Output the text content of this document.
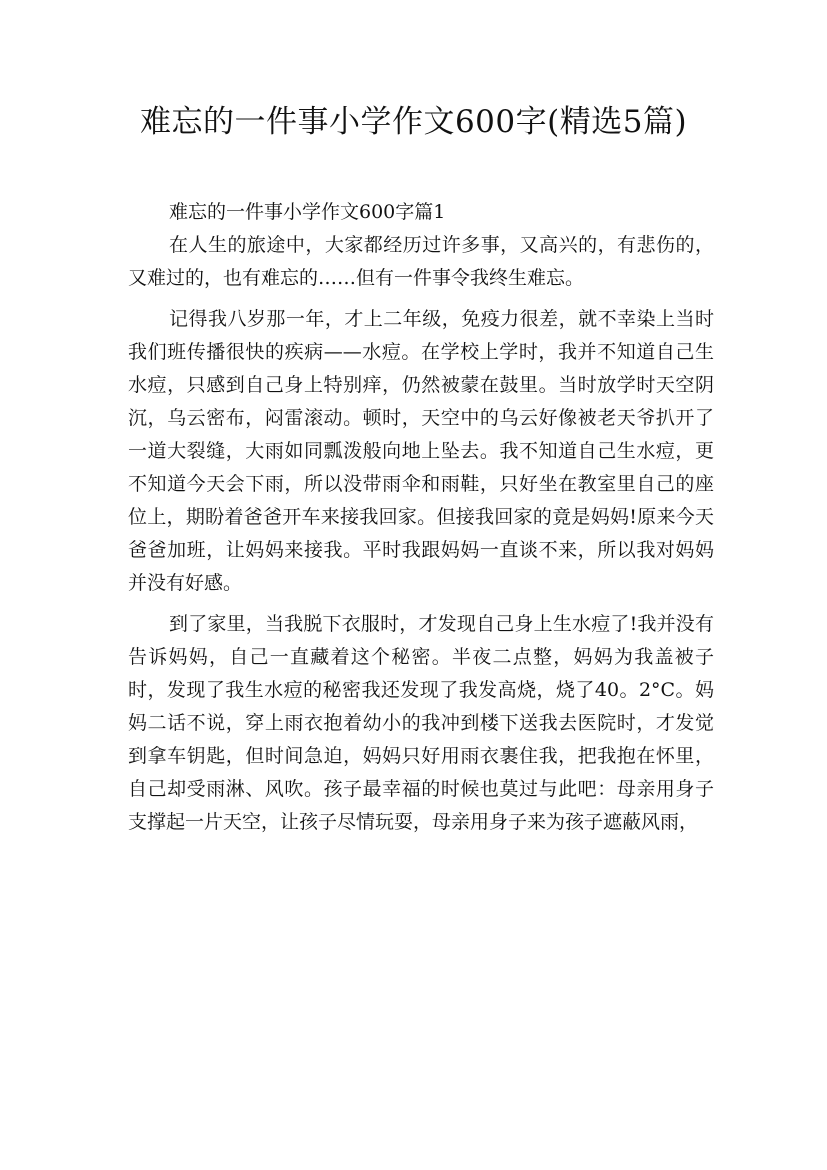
难忘的一件事小学作文600字(精选5篇)

难忘的一件事小学作文600字篇1

在人生的旅途中，大家都经历过许多事，又高兴的，有悲伤的，又难过的，也有难忘的……但有一件事令我终生难忘。

记得我八岁那一年，才上二年级，免疫力很差，就不幸染上当时我们班传播很快的疾病——水痘。在学校上学时，我并不知道自己生水痘，只感到自己身上特别痒，仍然被蒙在鼓里。当时放学时天空阴沉，乌云密布，闷雷滚动。顿时，天空中的乌云好像被老天爷扒开了一道大裂缝，大雨如同瓢泼般向地上坠去。我不知道自己生水痘，更不知道今天会下雨，所以没带雨伞和雨鞋，只好坐在教室里自己的座位上，期盼着爸爸开车来接我回家。但接我回家的竟是妈妈!原来今天爸爸加班，让妈妈来接我。平时我跟妈妈一直谈不来，所以我对妈妈并没有好感。

到了家里，当我脱下衣服时，才发现自己身上生水痘了!我并没有告诉妈妈，自己一直藏着这个秘密。半夜二点整，妈妈为我盖被子时，发现了我生水痘的秘密我还发现了我发高烧，烧了40。2°C。妈妈二话不说，穿上雨衣抱着幼小的我冲到楼下送我去医院时，才发觉到拿车钥匙，但时间急迫，妈妈只好用雨衣裹住我，把我抱在怀里，自己却受雨淋、风吹。孩子最幸福的时候也莫过与此吧：母亲用身子支撑起一片天空，让孩子尽情玩耍，母亲用身子来为孩子遮蔽风雨，
